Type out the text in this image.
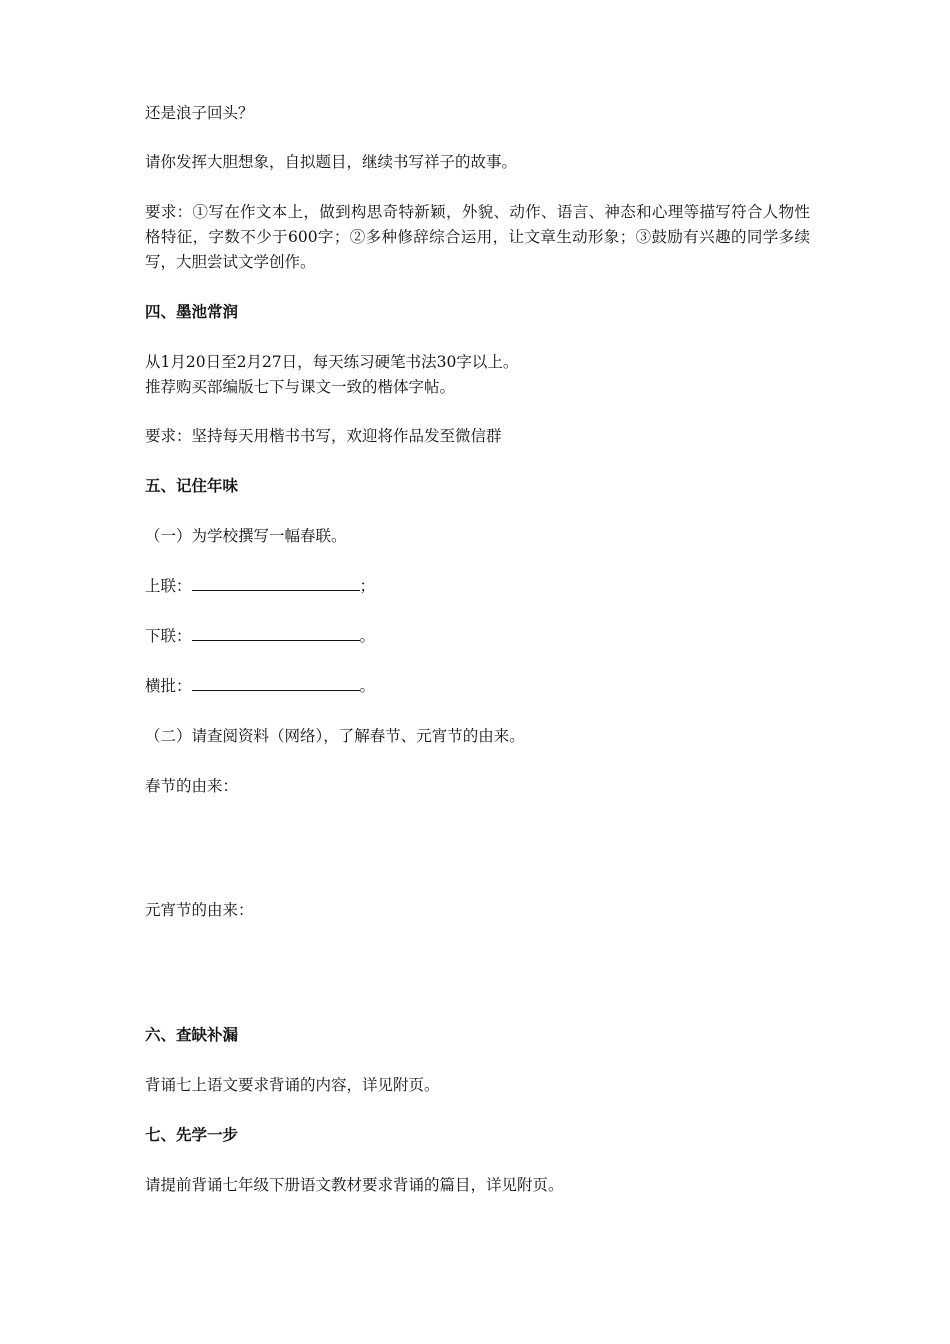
还是浪子回头？
请你发挥大胆想象，自拟题目，继续书写祥子的故事。
要求：①写在作文本上，做到构思奇特新颖，外貌、动作、语言、神态和心理等描写符合人物性格特征，字数不少于600字；②多种修辞综合运用，让文章生动形象；③鼓励有兴趣的同学多续写，大胆尝试文学创作。
四、墨池常润
从1月20日至2月27日，每天练习硬笔书法30字以上。
推荐购买部编版七下与课文一致的楷体字帖。
要求：坚持每天用楷书书写，欢迎将作品发至微信群
五、记住年味
（一）为学校撰写一幅春联。
上联：	；
下联：	。
横批：	。
（二）请查阅资料（网络），了解春节、元宵节的由来。
春节的由来：
元宵节的由来：
六、查缺补漏
背诵七上语文要求背诵的内容，详见附页。
七、先学一步
请提前背诵七年级下册语文教材要求背诵的篇目，详见附页。
